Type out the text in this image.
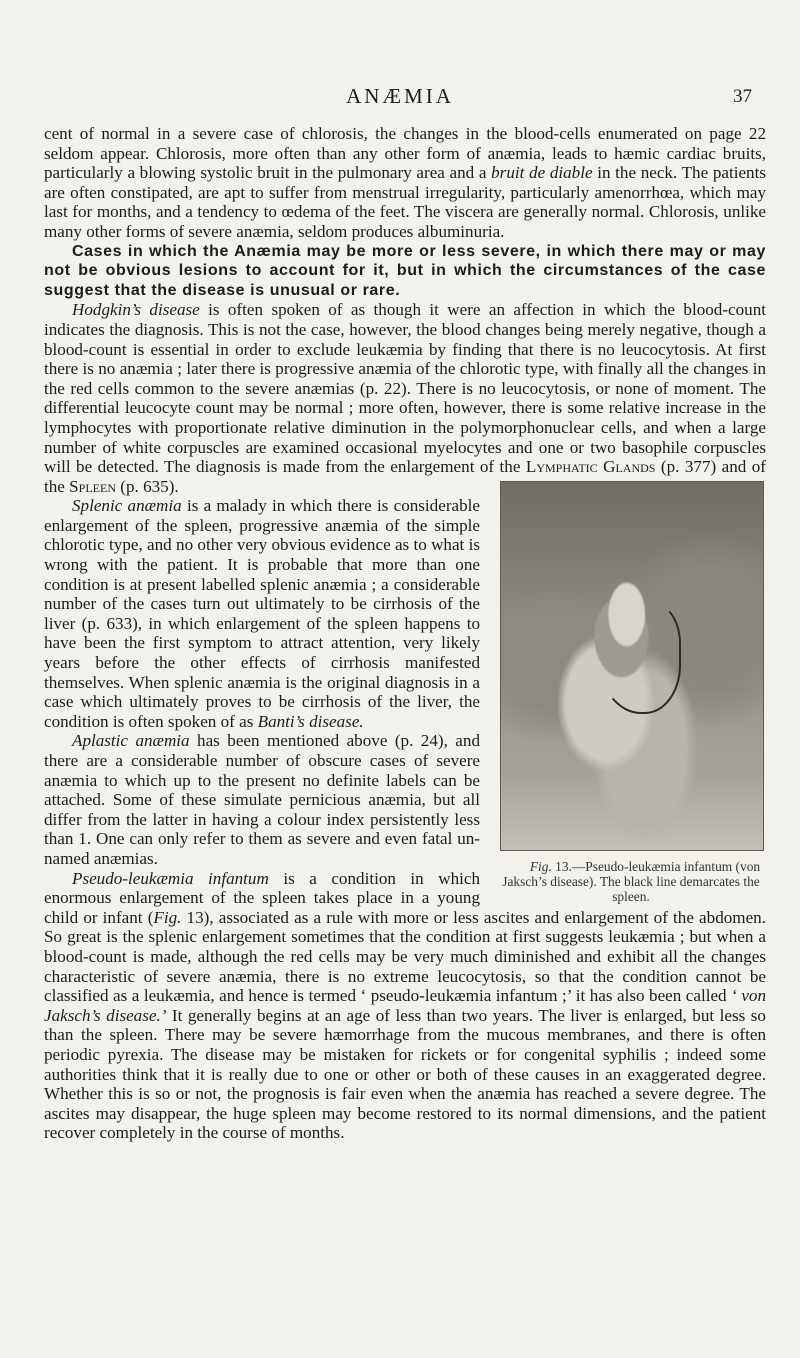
ANÆMIA	37

cent of normal in a severe case of chlorosis, the changes in the blood-cells enumerated on page 22 seldom appear. Chlorosis, more often than any other form of anæmia, leads to hæmic cardiac bruits, particularly a blowing systolic bruit in the pulmonary area and a bruit de diable in the neck. The patients are often constipated, are apt to suffer from menstrual irregularity, particularly amenorrhœa, which may last for months, and a tendency to œdema of the feet. The viscera are generally normal. Chlorosis, unlike many other forms of severe anæmia, seldom produces albuminuria.

Cases in which the Anæmia may be more or less severe, in which there may or may not be obvious lesions to account for it, but in which the circumstances of the case suggest that the disease is unusual or rare.

Hodgkin’s disease is often spoken of as though it were an affection in which the blood-count indicates the diagnosis. This is not the case, however, the blood changes being merely negative, though a blood-count is essential in order to exclude leukæmia by finding that there is no leucocytosis. At first there is no anæmia ; later there is progressive anæmia of the chlorotic type, with finally all the changes in the red cells common to the severe anæmias (p. 22). There is no leucocytosis, or none of moment. The differential leucocyte count may be normal ; more often, however, there is some relative increase in the lymphocytes with proportionate relative diminution in the polymorphonuclear cells, and when a large number of white corpuscles are examined occasional myelocytes and one or two basophile corpuscles will be detected. The diagnosis is made from the enlargement of the
Fig. 13.—Pseudo-leukæmia infantum (von Jaksch’s disease). The black line demarcates the spleen.
Lymphatic Glands (p. 377) and of the Spleen (p. 635).

Splenic anæmia is a malady in which there is considerable enlargement of the spleen, progressive anæmia of the simple chlorotic type, and no other very obvious evidence as to what is wrong with the patient. It is probable that more than one condition is at present labelled splenic anæmia ; a considerable number of the cases turn out ultimately to be cirrhosis of the liver (p. 633), in which enlargement of the spleen happens to have been the first symptom to attract attention, very likely years before the other effects of cirrhosis manifested themselves. When splenic anæmia is the original diagnosis in a case which ultimately proves to be cirrhosis of the liver, the condition is often spoken of as Banti’s disease.

Aplastic anæmia has been mentioned above (p. 24), and there are a considerable number of obscure cases of severe anæmia to which up to the present no definite labels can be attached. Some of these simulate pernicious anæmia, but all differ from the latter in having a colour index persistently less than 1. One can only refer to them as severe and even fatal un-named anæmias.

Pseudo-leukæmia infantum is a condition in which enormous enlargement of the spleen takes place in a young child or infant (Fig. 13), associated as a rule with more or less ascites and enlargement of the abdomen. So great is the splenic enlargement sometimes that the condition at first suggests leukæmia ; but when a blood-count is made, although the red cells may be very much diminished and exhibit all the changes characteristic of severe anæmia, there is no extreme leucocytosis, so that the condition cannot be classified as a leukæmia, and hence is termed ‘ pseudo-leukæmia infantum ;’ it has also been called ‘ von Jaksch’s disease.’ It generally begins at an age of less than two years. The liver is enlarged, but less so than the spleen. There may be severe hæmorrhage from the mucous membranes, and there is often periodic pyrexia. The disease may be mistaken for rickets or for congenital syphilis ; indeed some authorities think that it is really due to one or other or both of these causes in an exaggerated degree. Whether this is so or not, the prognosis is fair even when the anæmia has reached a severe degree. The ascites may disappear, the huge spleen may become restored to its normal dimensions, and the patient recover completely in the course of months.
